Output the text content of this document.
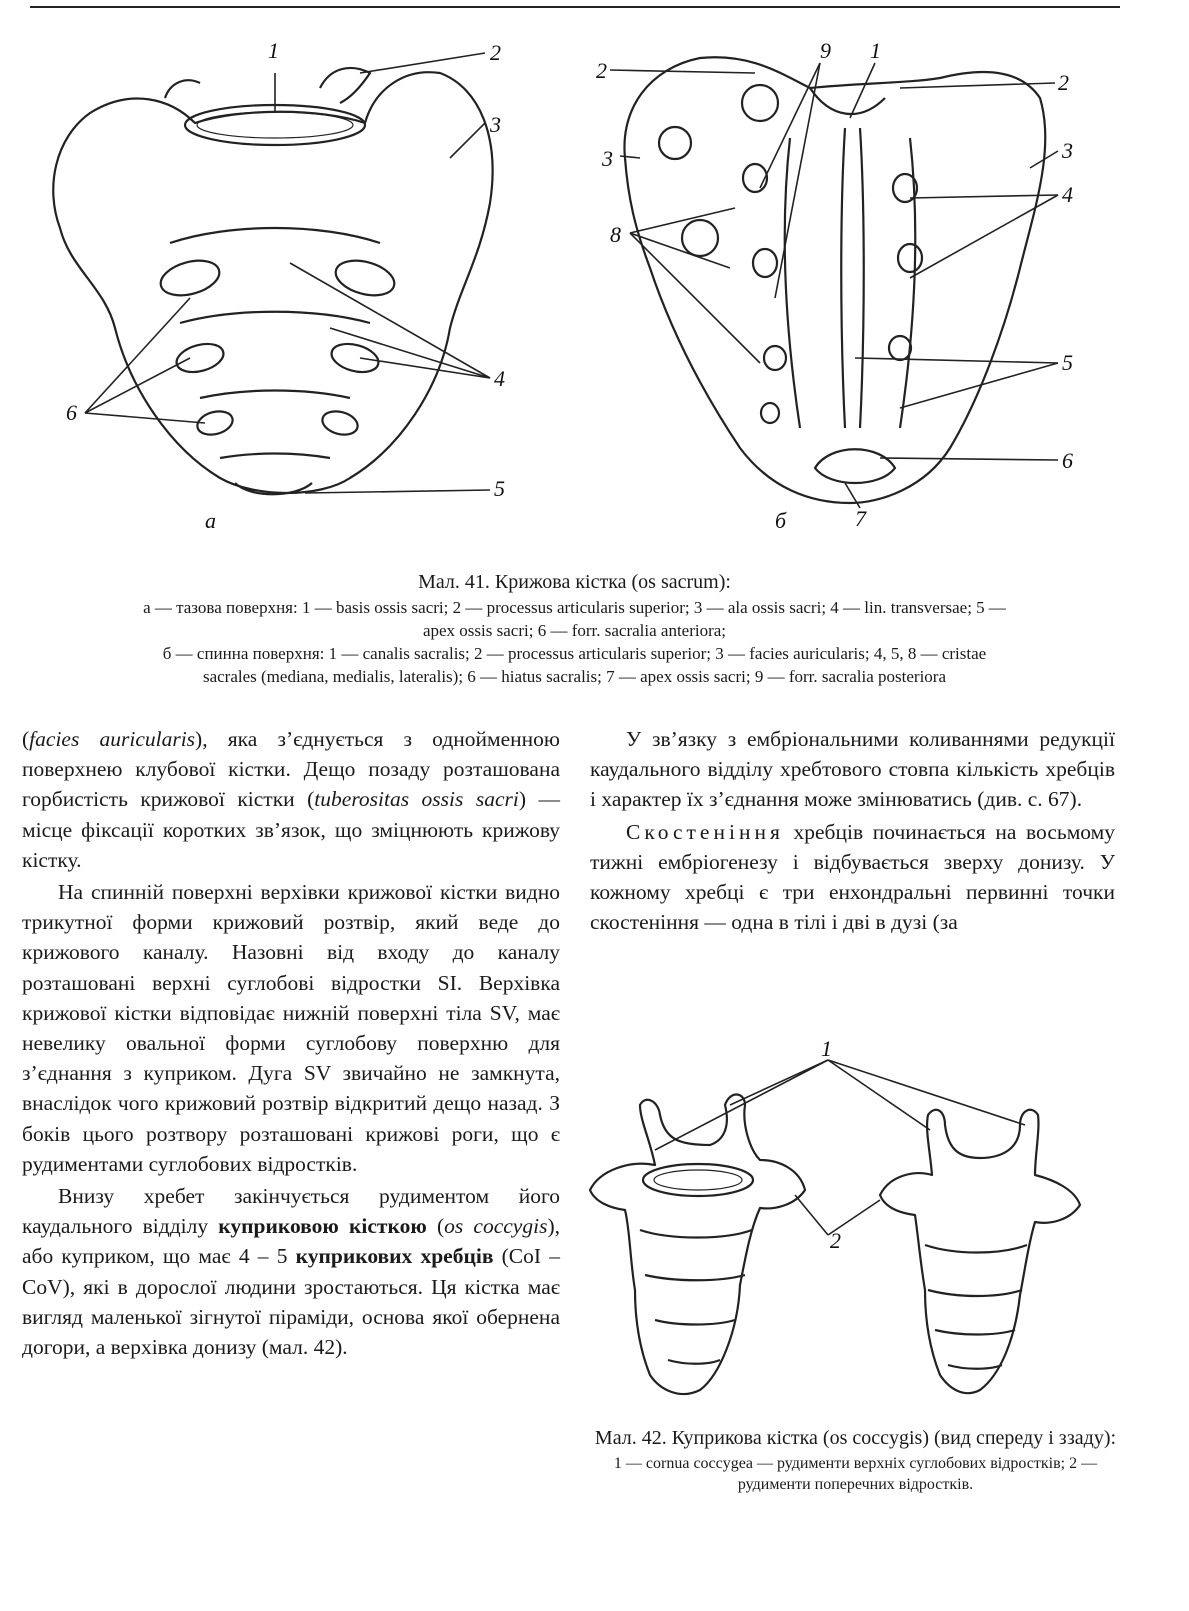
1	2
3
4
5
6
а
9 1
2	2
3	3
4
8
5
6
7
б
Мал. 41. Крижова кістка (os sacrum):
а — тазова поверхня: 1 — basis ossis sacri; 2 — processus articularis superior; 3 — ala ossis sacri; 4 — lin. transversae; 5 —
apex ossis sacri; 6 — forr. sacralia anteriora;
б — спинна поверхня: 1 — canalis sacralis; 2 — processus articularis superior; 3 — facies auricularis; 4, 5, 8 — cristae
sacrales (mediana, medialis, lateralis); 6 — hiatus sacralis; 7 — apex ossis sacri; 9 — forr. sacralia posteriora

(facies auricularis), яка з’єднується з однойменною поверхнею клубової кістки. Дещо позаду розташована горбистість крижової кістки (tuberositas ossis sacri) — місце фіксації коротких зв’язок, що зміцнюють крижову кістку.

На спинній поверхні верхівки крижової кістки видно трикутної форми крижовий розтвір, який веде до крижового каналу. Назовні від входу до каналу розташовані верхні суглобові відростки SI. Верхівка крижової кістки відповідає нижній поверхні тіла SV, має невелику овальної форми суглобову поверхню для з’єднання з куприком. Дуга SV звичайно не замкнута, внаслідок чого крижовий розтвір відкритий дещо назад. З боків цього розтвору розташовані крижові роги, що є рудиментами суглобових відростків.

Внизу хребет закінчується рудиментом його каудального відділу куприковою кісткою (os coccygis), або куприком, що має 4 – 5 куприкових хребців (CoI – CoV), які в дорослої людини зростаються. Ця кістка має вигляд маленької зігнутої піраміди, основа якої обернена догори, а верхівка донизу (мал. 42).

У зв’язку з ембріональними коливаннями редукції каудального відділу хребтового стовпа кількість хребців і характер їх з’єднання може змінюватись (див. с. 67).

Скостеніння хребців починається на восьмому тижні ембріогенезу і відбувається зверху донизу. У кожному хребці є три енхондральні первинні точки скостеніння — одна в тілі і дві в дузі (за

1
2
Мал. 42. Куприкова кістка (os coccygis) (вид спереду і ззаду):
1 — cornua coccygea — рудименти верхніх суглобових відростків; 2 — рудименти поперечних відростків.
